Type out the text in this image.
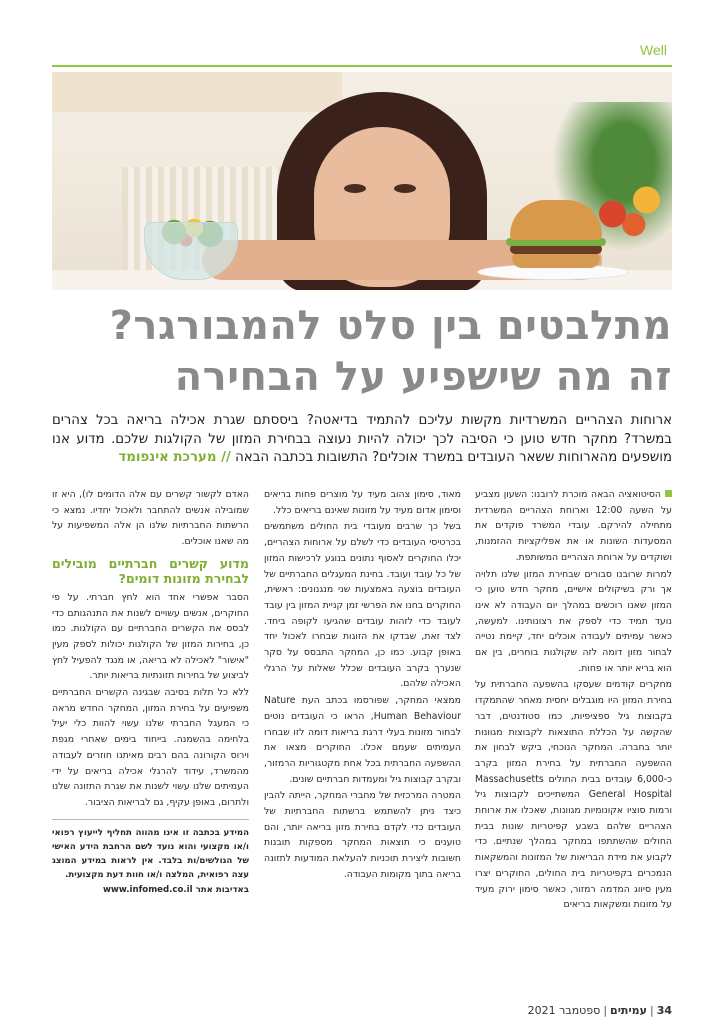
Well
מתלבטים בין סלט להמבורגר?
זה מה שישפיע על הבחירה

ארוחות הצהריים המשרדיות מקשות עליכם להתמיד בדיאטה? ביססתם שגרת אכילה בריאה בכל צהרים במשרד? מחקר חדש טוען כי הסיבה לכך יכולה להיות נעוצה בבחירת המזון של הקולגות שלכם. מדוע אנו מושפעים מהארוחות ששאר העובדים במשרד אוכלים? התשובות בכתבה הבאה // מערכת אינפומד

הסיטואציה הבאה מוכרת לרובנו: השעון מצביע על השעה 12:00 וארוחת הצהריים המשרדית מתחילה להירקם. עובדי המשרד פוקדים את המסעדות השונות או את אפליקציות ההזמנות, ושוקדים על ארוחת הצהריים המשותפת.

למרות שרובנו סבורים שבחירת המזון שלנו תלויה אך ורק בשיקולים אישיים, מחקר חדש טוען כי המזון שאנו רוכשים במהלך יום העבודה לא אינו נועד תמיד כדי לספק את רצונותינו. למעשה, כאשר עמיתים לעבודה אוכלים יחד, קיימת נטייה לבחור מזון דומה לזה שקולגות בוחרים, בין אם הוא בריא יותר או פחות.

מחקרים קודמים שעסקו בהשפעה החברתית על בחירת המזון היו מוגבלים יחסית מאחר שהתמקדו בקבוצות גיל ספציפיות, כמו סטודנטים, דבר שהקשה על הכללת התוצאות לקבוצות מגוונות יותר בחברה. המחקר הנוכחי, ביקש לבחון את ההשפעה החברתית על בחירת המזון בקרב כ-6,000 עובדים בבית החולים Massachusetts General Hospital המשתייכים לקבוצות גיל ורמות סוציו אקונומיות מגוונות, שאכלו את ארוחת הצהריים שלהם בשבע קפיטריות שונות בבית החולים שהשתתפו במחקר במהלך שנתיים. כדי לקבוע את מידת הבריאות של המזונות והמשקאות הנמכרים בקפיטריות בית החולים, החוקרים יצרו מעין סיווג המדמה רמזור, כאשר סימון ירוק מעיד על מזונות ומשקאות בריאים

מאוד, סימון צהוב מעיד על מוצרים פחות בריאים וסימון אדום מעיד על מזונות שאינם בריאים כלל.

בשל כך שרבים מעובדי בית החולים משתמשים בכרטיסי העובדים כדי לשלם על ארוחות הצהריים, יכלו החוקרים לאסוף נתונים בנוגע לרכישות המזון של כל עובד ועובד. בחינת המעגלים החברתיים של העובדים בוצעה באמצעות שני מנגנונים: ראשית, החוקרים בחנו את הפרשי זמן קניית המזון בין עובד לעובד כדי לזהות עובדים שהגיעו לקופה ביחד. לצד זאת, שבדקו את הזוגות שבחרו לאכול יחד באופן קבוע. כמו כן, המחקר התבסס על סקר שנערך בקרב העובדים שכלל שאלות על הרגלי האכילה שלהם.

ממצאי המחקר, שפורסמו בכתב העת Nature Human Behaviour, הראו כי העובדים נוטים לבחור מזונות בעלי דרגת בריאות דומה לזו שבחרו העמיתים שעמם אכלו. החוקרים מצאו את ההשפעה החברתית בכל אחת מקטגוריות הרמזור, ובקרב קבוצות גיל ומעמדות חברתיים שונים.

המטרה המרכזית של מחברי המחקר, הייתה להבין כיצד ניתן להשתמש ברשתות החברתיות של העובדים כדי לקדם בחירת מזון בריאה יותר, והם טוענים כי תוצאות המחקר מספקות תובנות חשובות ליצירת תוכניות להעלאת המודעות לתזונה בריאה בתוך מקומות העבודה.

האדם לקשור קשרים עם אלה הדומים לו), היא זו שמובילה אנשים להתחבר ולאכול יחדיו. נמצא כי הרשתות החברתיות שלנו הן אלה המשפיעות על מה שאנו אוכלים.

מדוע קשרים חברתיים מובילים לבחירת מזונות דומים?

הסבר אפשרי אחד הוא לחץ חברתי. על פי החוקרים, אנשים עשויים לשנות את התנהגותם כדי לבסס את הקשרים החברתיים עם הקולגות. כמו כן, בחירות המזון של הקולגות יכולות לספק מעין "אישור" לאכילה לא בריאה, או מנגד להפעיל לחץ לביצוע של בחירות תזונתיות בריאות יותר.

ללא כל תלות בסיבה שבגינה הקשרים החברתיים משפיעים על בחירת המזון, המחקר החדש מראה כי המעגל החברתי שלנו עשוי להוות כלי יעיל בלחימה בהשמנה. בייחוד בימים שאחרי מגפת וירוס הקורונה בהם רבים מאיתנו חוזרים לעבודה מהמשרד, עידוד להרגלי אכילה בריאים על ידי העמיתים שלנו עשוי לשנות את שגרת התזונה שלנו ולתרום, באופן עקיף, גם לבריאות הציבור.

המידע בכתבה זו אינו מהווה תחליף לייעוץ רפואי ו/או מקצועי והוא נועד לשם הרחבת הידע האישי של הגולשים/ות בלבד. אין לראות במידע המוצג עצה רפואית, המלצה ו/או חוות דעת מקצועית.

באדיבות אתר www.infomed.co.il

34|עמיתים|ספטמבר 2021
